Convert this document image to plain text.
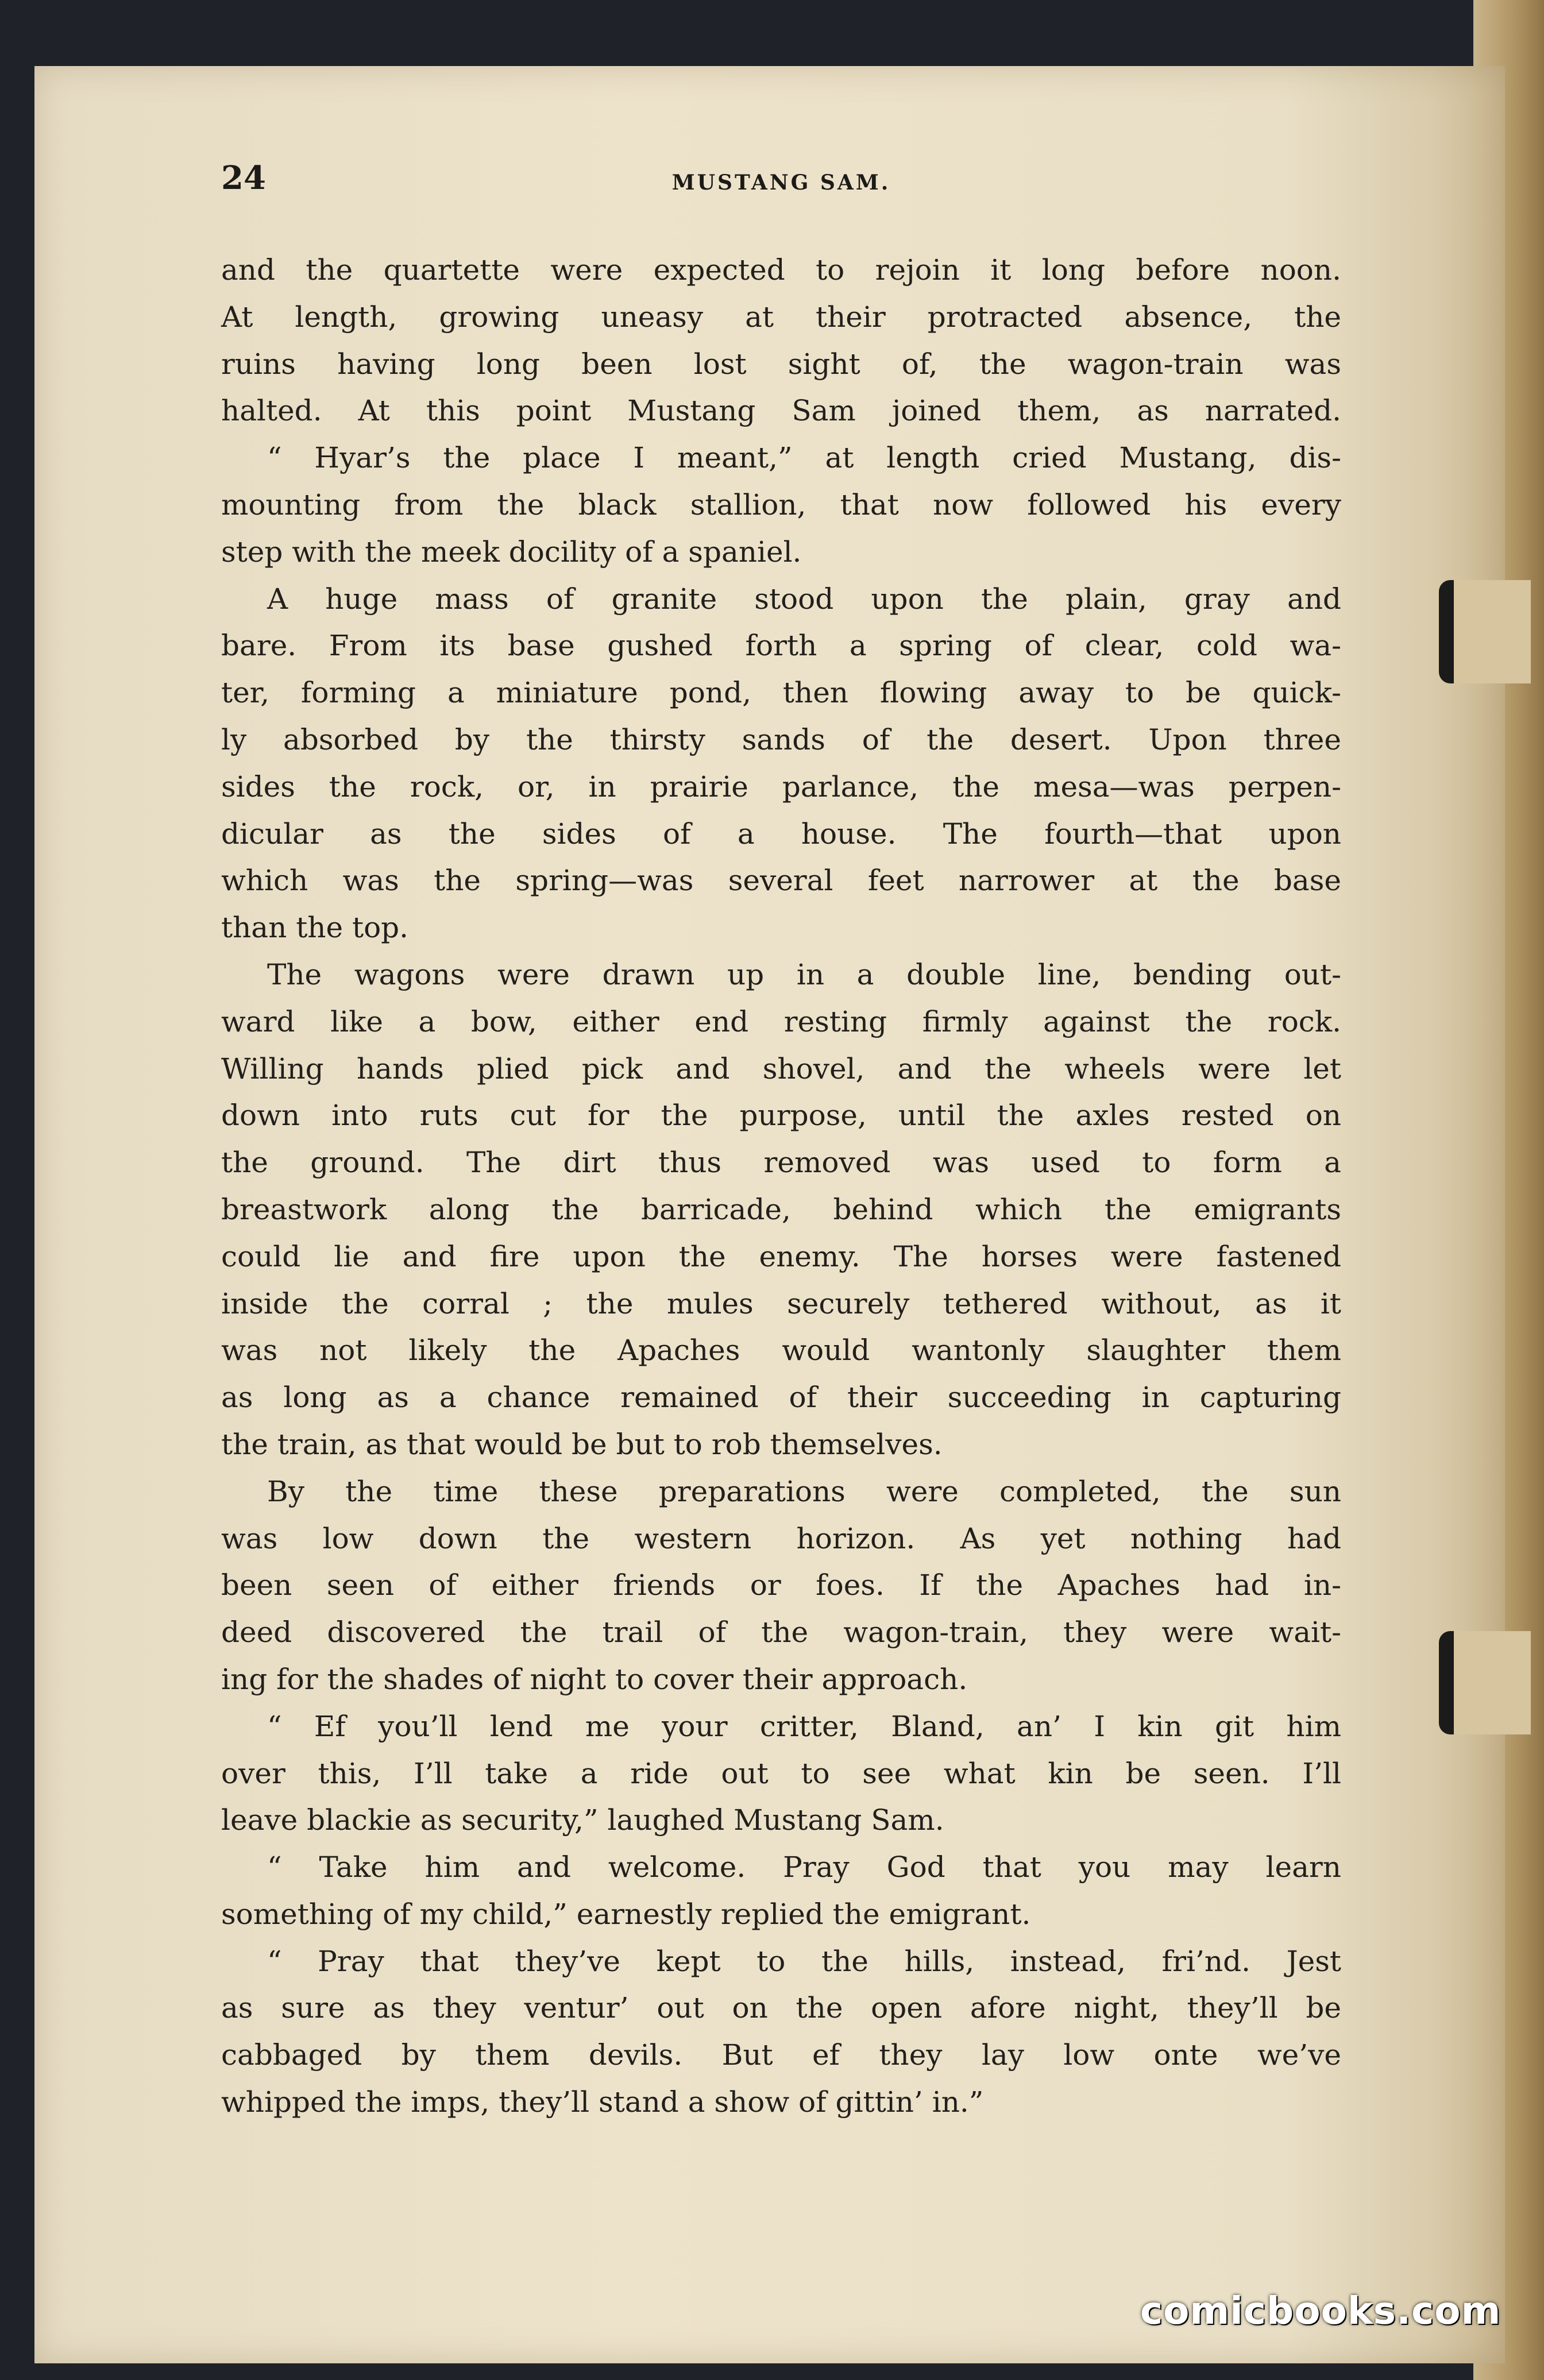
24	MUSTANG SAM.
and the quartette were expected to rejoin it long before noon.
At length, growing uneasy at their protracted absence, the
ruins having long been lost sight of, the wagon-train was
halted. At this point Mustang Sam joined them, as narrated.
“ Hyar’s the place I meant,” at length cried Mustang, dis-
mounting from the black stallion, that now followed his every
step with the meek docility of a spaniel.
A huge mass of granite stood upon the plain, gray and
bare. From its base gushed forth a spring of clear, cold wa-
ter, forming a miniature pond, then flowing away to be quick-
ly absorbed by the thirsty sands of the desert. Upon three
sides the rock, or, in prairie parlance, the mesa—was perpen-
dicular as the sides of a house. The fourth—that upon
which was the spring—was several feet narrower at the base
than the top.
The wagons were drawn up in a double line, bending out-
ward like a bow, either end resting firmly against the rock.
Willing hands plied pick and shovel, and the wheels were let
down into ruts cut for the purpose, until the axles rested on
the ground. The dirt thus removed was used to form a
breastwork along the barricade, behind which the emigrants
could lie and fire upon the enemy. The horses were fastened
inside the corral ; the mules securely tethered without, as it
was not likely the Apaches would wantonly slaughter them
as long as a chance remained of their succeeding in capturing
the train, as that would be but to rob themselves.
By the time these preparations were completed, the sun
was low down the western horizon. As yet nothing had
been seen of either friends or foes. If the Apaches had in-
deed discovered the trail of the wagon-train, they were wait-
ing for the shades of night to cover their approach.
“ Ef you’ll lend me your critter, Bland, an’ I kin git him
over this, I’ll take a ride out to see what kin be seen. I’ll
leave blackie as security,” laughed Mustang Sam.
“ Take him and welcome. Pray God that you may learn
something of my child,” earnestly replied the emigrant.
“ Pray that they’ve kept to the hills, instead, fri’nd. Jest
as sure as they ventur’ out on the open afore night, they’ll be
cabbaged by them devils. But ef they lay low onte we’ve
whipped the imps, they’ll stand a show of gittin’ in.”
comicbooks.com
